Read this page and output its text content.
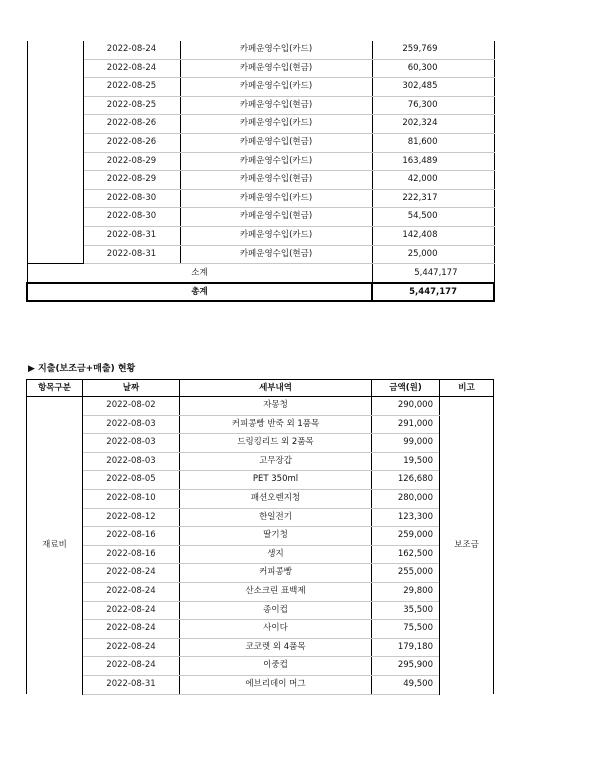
	2022-08-24	카페운영수입(카드)	259,769
	2022-08-24	카페운영수입(현금)	60,300
	2022-08-25	카페운영수입(카드)	302,485
	2022-08-25	카페운영수입(현금)	76,300
	2022-08-26	카페운영수입(카드)	202,324
	2022-08-26	카페운영수입(현금)	81,600
	2022-08-29	카페운영수입(카드)	163,489
	2022-08-29	카페운영수입(현금)	42,000
	2022-08-30	카페운영수입(카드)	222,317
	2022-08-30	카페운영수입(현금)	54,500
	2022-08-31	카페운영수입(카드)	142,408
	2022-08-31	카페운영수입(현금)	25,000
소계			5,447,177
총계			5,447,177
▶ 지출(보조금+매출) 현황
항목구분	날짜	세부내역	금액(원)	비고
재료비	2022-08-02	자몽청	290,000	보조금
	2022-08-03	커피콩빵 반죽 외 1품목	291,000	
	2022-08-03	드링킹리드 외 2품목	99,000	
	2022-08-03	고무장갑	19,500	
	2022-08-05	PET 350ml	126,680	
	2022-08-10	패션오렌지청	280,000	
	2022-08-12	한일전기	123,300	
	2022-08-16	딸기청	259,000	
	2022-08-16	생지	162,500	
	2022-08-24	커피콩빵	255,000	
	2022-08-24	산소크린 표백제	29,800	
	2022-08-24	종이컵	35,500	
	2022-08-24	사이다	75,500	
	2022-08-24	코코렛 외 4품목	179,180	
	2022-08-24	이중컵	295,900	
	2022-08-31	에브리데이 머그	49,500	
